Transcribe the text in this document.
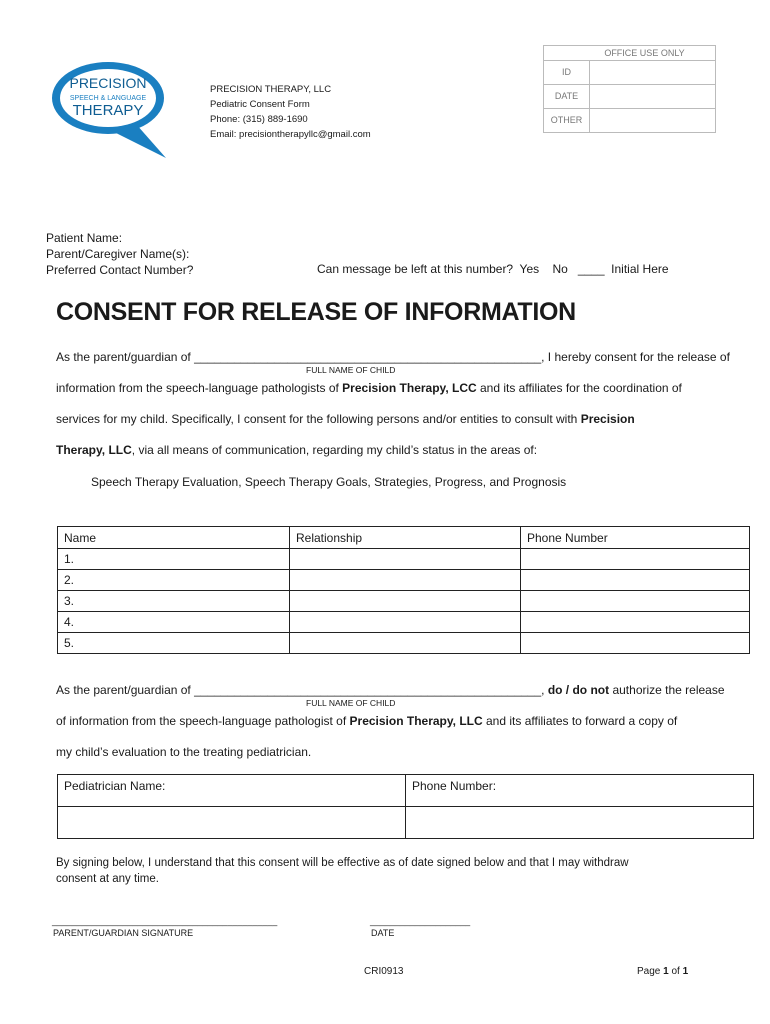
PRECISION
SPEECH & LANGUAGE
THERAPY
PRECISION THERAPY, LLC
Pediatric Consent Form
Phone: (315) 889-1690
Email: precisiontherapyllc@gmail.com
OFFICE USE ONLY
ID
DATE
OTHER
Patient Name:
Parent/Caregiver Name(s):
Preferred Contact Number?	Can message be left at this number?  Yes    No   ____  Initial Here
CONSENT FOR RELEASE OF INFORMATION
As the parent/guardian of ____________________________________________________, I hereby consent for the release of
FULL NAME OF CHILD
information from the speech-language pathologists of Precision Therapy, LCC and its affiliates for the coordination of
services for my child. Specifically, I consent for the following persons and/or entities to consult with Precision
Therapy, LLC, via all means of communication, regarding my child’s status in the areas of:
Speech Therapy Evaluation, Speech Therapy Goals, Strategies, Progress, and Prognosis
Name	Relationship	Phone Number
1.		
2.		
3.		
4.		
5.		
As the parent/guardian of ____________________________________________________, do / do not authorize the release
FULL NAME OF CHILD
of information from the speech-language pathologist of Precision Therapy, LLC and its affiliates to forward a copy of
my child’s evaluation to the treating pediatrician.
Pediatrician Name:	Phone Number:

By signing below, I understand that this consent will be effective as of date signed below and that I may withdraw
consent at any time.
_____________________________________________
PARENT/GUARDIAN SIGNATURE
____________________
DATE
CRI0913	Page 1 of 1
